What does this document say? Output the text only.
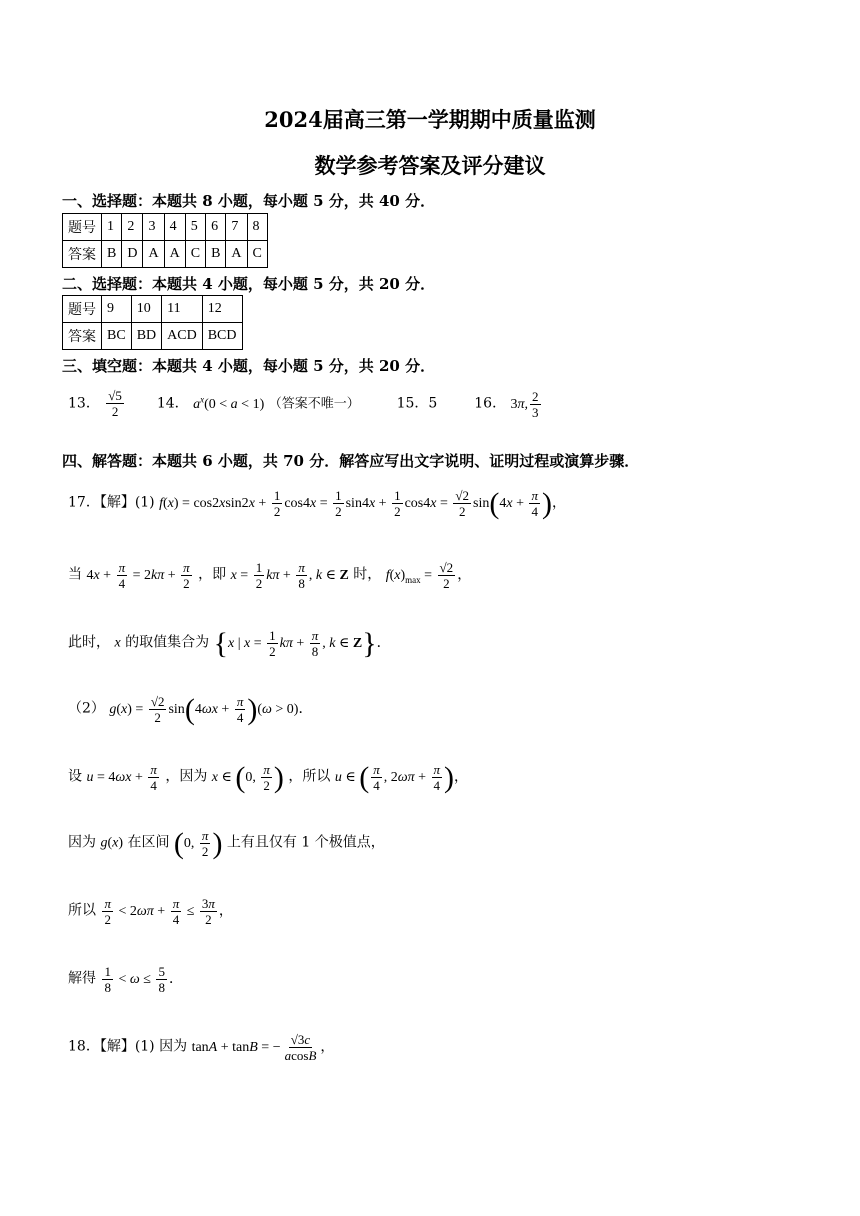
2024届高三第一学期期中质量监测
数学参考答案及评分建议
一、选择题：本题共 8 小题，每小题 5 分，共 40 分．
题号	1	2	3	4	5	6	7	8
答案	B	D	A	A	C	B	A	C
二、选择题：本题共 4 小题，每小题 5 分，共 20 分．
题号	9	10	11	12
答案	BC	BD	ACD	BCD
三、填空题：本题共 4 小题，每小题 5 分，共 20 分．
13． $\frac{√5}{2} 14$． $a^x(0 < a < 1)$ （答案不唯一）	15．5	16． 3π, $\frac{2}{3}$
四、解答题：本题共 6 小题，共 70 分．解答应写出文字说明、证明过程或演算步骤．
17．【解】(1) $f(x) = \cos 2xsin2x + \frac{1}{2} \cos 4x = \frac{1}{2} \sin 4x + \frac{1}{2} \cos 4x = \frac{√2}{2} \sin(4x + \frac{\pi}{4}$ )，
当 $4x + \frac{\pi}{4} = 2k\pi + \frac{\pi}{2}$ ，即 $x = \frac{1}{2}$ $k\pi + \frac{\pi}{8}$ , k ∈ Z 时， $f(x)_{max} = \frac{√2}{2}$ ，
此时， x 的取值集合为 {x | $x = \frac{1}{2}$ $k\pi + \frac{\pi}{8}$ , k ∈ Z}．
（2） $g(x) = \frac{√2}{2} \sin(4\omega x + \frac{\pi}{4} )(\omega > 0)$．
设 $u = 4\omega x + \frac{\pi}{4}$ ，因为 x ∈ (0, $\frac{\pi}{2}$ ) ，所以 u ∈ ( $\frac{\pi}{4}$ , $2\omega\pi + \frac{\pi}{4}$ )，
因为 g(x) 在区间 (0, $\frac{\pi}{2}$ ) 上有且仅有 1 个极值点，
所以 $\frac{\pi}{2} < 2\omega\pi + \frac{\pi}{4} \le \frac{3\pi}{2}$ ，
解得 $\frac{1}{8} < \omega \le \frac{5}{8}$ ．
18．【解】(1) 因为 tanA + tanB = − $\frac{√3c}{acosB}$ ，
